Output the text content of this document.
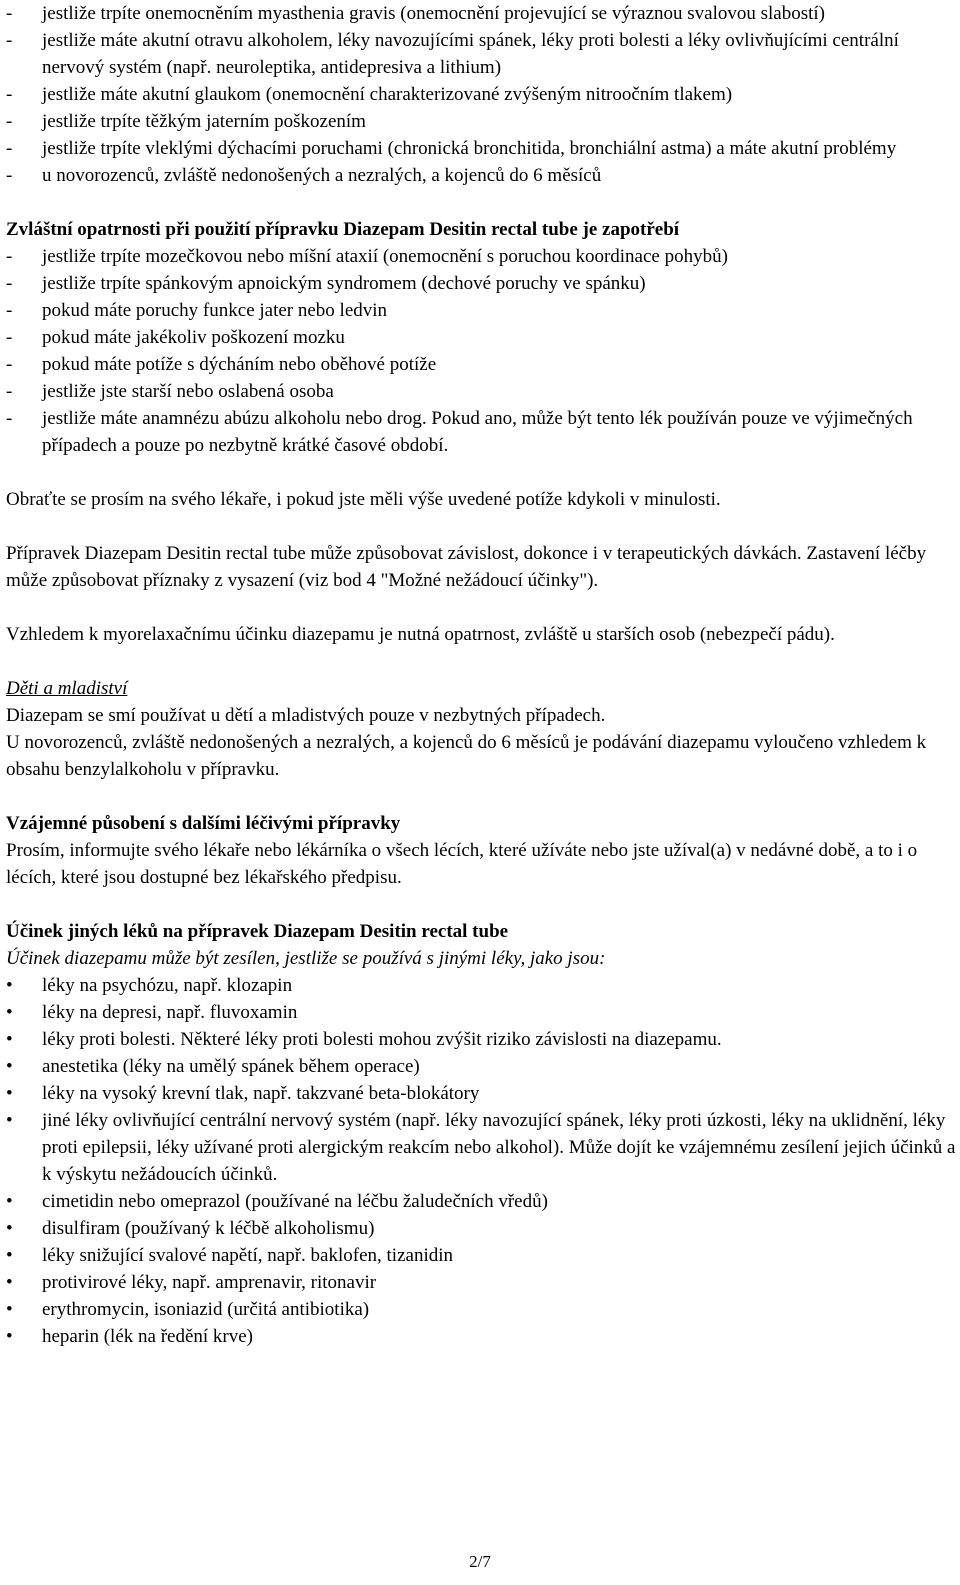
-	jestliže trpíte onemocněním myasthenia gravis (onemocnění projevující se výraznou svalovou slabostí)
-	jestliže máte akutní otravu alkoholem, léky navozujícími spánek, léky proti bolesti a léky ovlivňujícími centrální nervový systém (např. neuroleptika, antidepresiva a lithium)
-	jestliže máte akutní glaukom (onemocnění charakterizované zvýšeným nitroočním tlakem)
-	jestliže trpíte těžkým jaterním poškozením
-	jestliže trpíte vleklými dýchacími poruchami (chronická bronchitida, bronchiální astma) a máte akutní problémy
-	u novorozenců, zvláště nedonošených a nezralých, a kojenců do 6 měsíců

Zvláštní opatrnosti při použití přípravku Diazepam Desitin rectal tube je zapotřebí

-	jestliže trpíte mozečkovou nebo míšní ataxií (onemocnění s poruchou koordinace pohybů)
-	jestliže trpíte spánkovým apnoickým syndromem (dechové poruchy ve spánku)
-	pokud máte poruchy funkce jater nebo ledvin
-	pokud máte jakékoliv poškození mozku
-	pokud máte potíže s dýcháním nebo oběhové potíže
-	jestliže jste starší nebo oslabená osoba
-	jestliže máte anamnézu abúzu alkoholu nebo drog. Pokud ano, může být tento lék používán pouze ve výjimečných případech a pouze po nezbytně krátké časové období.

Obraťte se prosím na svého lékaře, i pokud jste měli výše uvedené potíže kdykoli v minulosti.

Přípravek Diazepam Desitin rectal tube může způsobovat závislost, dokonce i v terapeutických dávkách. Zastavení léčby může způsobovat příznaky z vysazení (viz bod 4 "Možné nežádoucí účinky").

Vzhledem k myorelaxačnímu účinku diazepamu je nutná opatrnost, zvláště u starších osob (nebezpečí pádu).

Děti a mladiství

Diazepam se smí používat u dětí a mladistvých pouze v nezbytných případech.

U novorozenců, zvláště nedonošených a nezralých, a kojenců do 6 měsíců je podávání diazepamu vyloučeno vzhledem k obsahu benzylalkoholu v přípravku.

Vzájemné působení s dalšími léčivými přípravky

Prosím, informujte svého lékaře nebo lékárníka o všech lécích, které užíváte nebo jste užíval(a) v nedávné době, a to i o lécích, které jsou dostupné bez lékařského předpisu.

Účinek jiných léků na přípravek Diazepam Desitin rectal tube

Účinek diazepamu může být zesílen, jestliže se používá s jinými léky, jako jsou:

•	léky na psychózu, např. klozapin
•	léky na depresi, např. fluvoxamin
•	léky proti bolesti. Některé léky proti bolesti mohou zvýšit riziko závislosti na diazepamu.
•	anestetika (léky na umělý spánek během operace)
•	léky na vysoký krevní tlak, např. takzvané beta-blokátory
•	jiné léky ovlivňující centrální nervový systém (např. léky navozující spánek, léky proti úzkosti, léky na uklidnění, léky proti epilepsii, léky užívané proti alergickým reakcím nebo alkohol). Může dojít ke vzájemnému zesílení jejich účinků a k výskytu nežádoucích účinků.
•	cimetidin nebo omeprazol (používané na léčbu žaludečních vředů)
•	disulfiram (používaný k léčbě alkoholismu)
•	léky snižující svalové napětí, např. baklofen, tizanidin
•	protivirové léky, např. amprenavir, ritonavir
•	erythromycin, isoniazid (určitá antibiotika)
•	heparin (lék na ředění krve)
2/7
